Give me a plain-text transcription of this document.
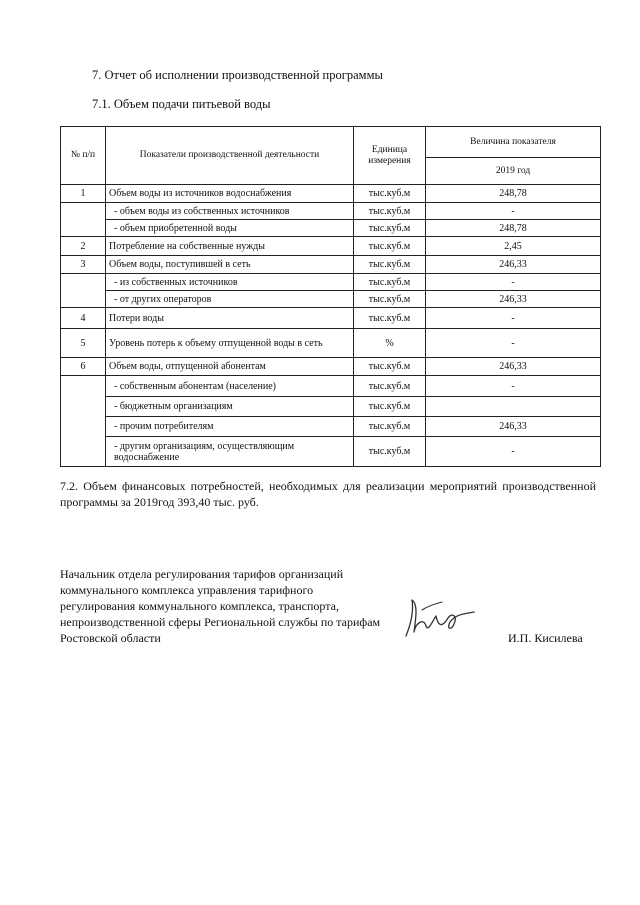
7. Отчет об исполнении производственной программы
7.1. Объем подачи питьевой воды
№ п/п	Показатели производственной деятельности	Единица измерения	Величина показателя
			2019 год
1	Объем воды из источников водоснабжения	тыс.куб.м	248,78
	- объем воды из собственных источников	тыс.куб.м	-
	- объем приобретенной воды	тыс.куб.м	248,78
2	Потребление на собственные нужды	тыс.куб.м	2,45
3	Объем воды, поступившей в сеть	тыс.куб.м	246,33
	- из собственных источников	тыс.куб.м	-
	- от других операторов	тыс.куб.м	246,33
4	Потери воды	тыс.куб.м	-
5	Уровень потерь к объему отпущенной воды в сеть	%	-
6	Объем воды, отпущенной абонентам	тыс.куб.м	246,33
	- собственным абонентам (население)	тыс.куб.м	-
	- бюджетным организациям	тыс.куб.м	
	- прочим потребителям	тыс.куб.м	246,33
	- другим организациям, осуществляющим водоснабжение	тыс.куб.м	-
7.2. Объем финансовых потребностей, необходимых для реализации мероприятий производственной программы за 2019год 393,40 тыс. руб.
Начальник отдела регулирования тарифов организаций коммунального комплекса управления тарифного регулирования коммунального комплекса, транспорта, непроизводственной сферы Региональной службы по тарифам Ростовской области	И.П. Кисилева
